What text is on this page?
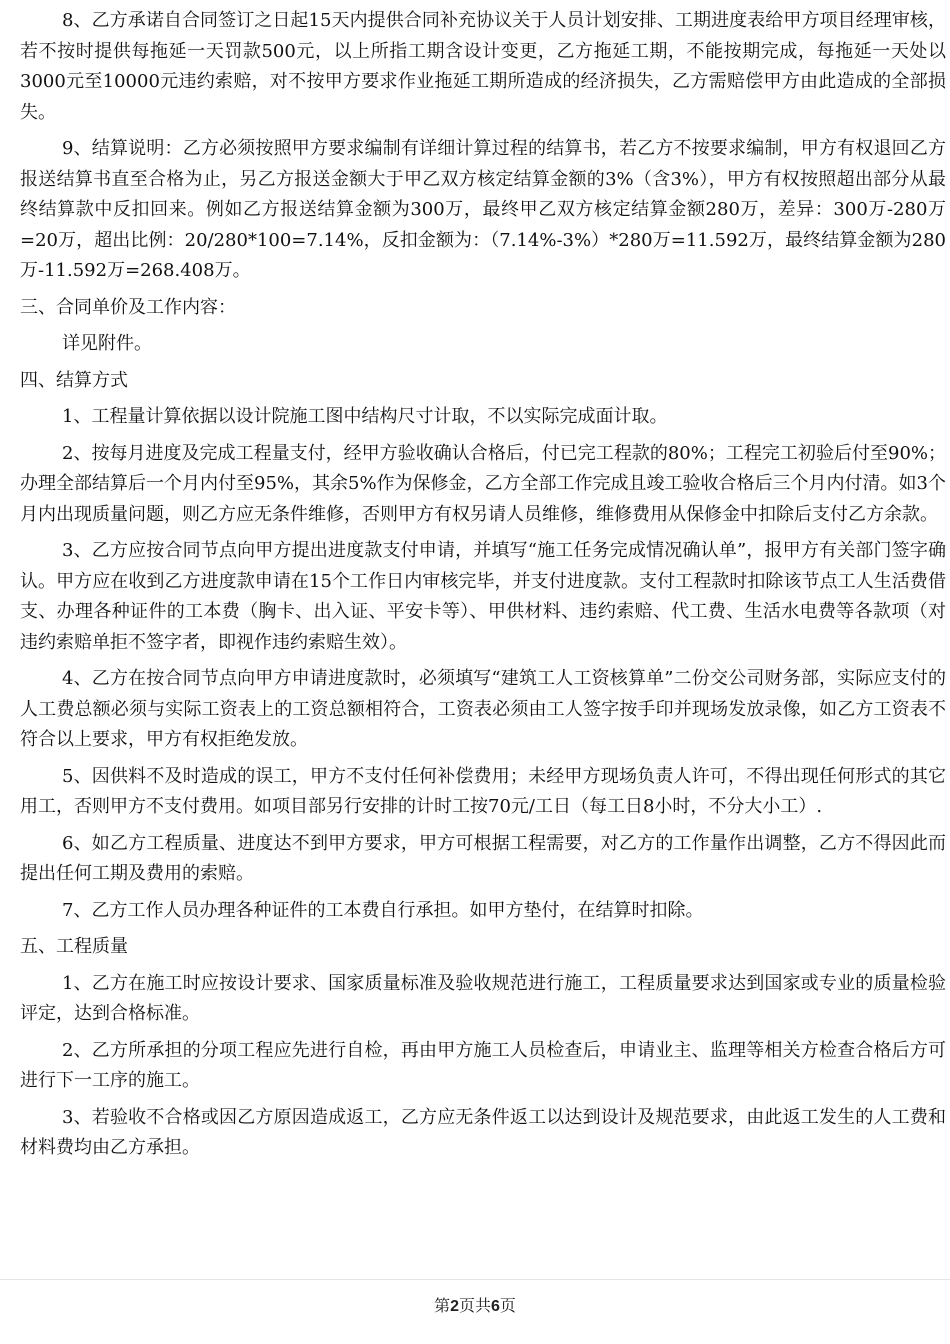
8、乙方承诺自合同签订之日起15天内提供合同补充协议关于人员计划安排、工期进度表给甲方项目经理审核，若不按时提供每拖延一天罚款500元，以上所指工期含设计变更，乙方拖延工期，不能按期完成，每拖延一天处以3000元至10000元违约索赔，对不按甲方要求作业拖延工期所造成的经济损失，乙方需赔偿甲方由此造成的全部损失。

9、结算说明：乙方必须按照甲方要求编制有详细计算过程的结算书，若乙方不按要求编制，甲方有权退回乙方报送结算书直至合格为止，另乙方报送金额大于甲乙双方核定结算金额的3%（含3%），甲方有权按照超出部分从最终结算款中反扣回来。例如乙方报送结算金额为300万，最终甲乙双方核定结算金额280万，差异：300万-280万=20万，超出比例：20/280*100=7.14%，反扣金额为：（7.14%-3%）*280万=11.592万，最终结算金额为280万-11.592万=268.408万。

三、合同单价及工作内容：

详见附件。

四、结算方式

1、工程量计算依据以设计院施工图中结构尺寸计取，不以实际完成面计取。

2、按每月进度及完成工程量支付，经甲方验收确认合格后，付已完工程款的80%；工程完工初验后付至90%；办理全部结算后一个月内付至95%，其余5%作为保修金，乙方全部工作完成且竣工验收合格后三个月内付清。如3个月内出现质量问题，则乙方应无条件维修，否则甲方有权另请人员维修，维修费用从保修金中扣除后支付乙方余款。

3、乙方应按合同节点向甲方提出进度款支付申请，并填写“施工任务完成情况确认单”，报甲方有关部门签字确认。甲方应在收到乙方进度款申请在15个工作日内审核完毕，并支付进度款。支付工程款时扣除该节点工人生活费借支、办理各种证件的工本费（胸卡、出入证、平安卡等）、甲供材料、违约索赔、代工费、生活水电费等各款项（对违约索赔单拒不签字者，即视作违约索赔生效）。

4、乙方在按合同节点向甲方申请进度款时，必须填写“建筑工人工资核算单”二份交公司财务部，实际应支付的人工费总额必须与实际工资表上的工资总额相符合，工资表必须由工人签字按手印并现场发放录像，如乙方工资表不符合以上要求，甲方有权拒绝发放。

5、因供料不及时造成的误工，甲方不支付任何补偿费用；未经甲方现场负责人许可，不得出现任何形式的其它用工，否则甲方不支付费用。如项目部另行安排的计时工按70元/工日（每工日8小时，不分大小工）.

6、如乙方工程质量、进度达不到甲方要求，甲方可根据工程需要，对乙方的工作量作出调整，乙方不得因此而提出任何工期及费用的索赔。

7、乙方工作人员办理各种证件的工本费自行承担。如甲方垫付，在结算时扣除。

五、工程质量

1、乙方在施工时应按设计要求、国家质量标准及验收规范进行施工，工程质量要求达到国家或专业的质量检验评定，达到合格标准。

2、乙方所承担的分项工程应先进行自检，再由甲方施工人员检查后，申请业主、监理等相关方检查合格后方可进行下一工序的施工。

3、若验收不合格或因乙方原因造成返工，乙方应无条件返工以达到设计及规范要求，由此返工发生的人工费和材料费均由乙方承担。

第2页共6页
